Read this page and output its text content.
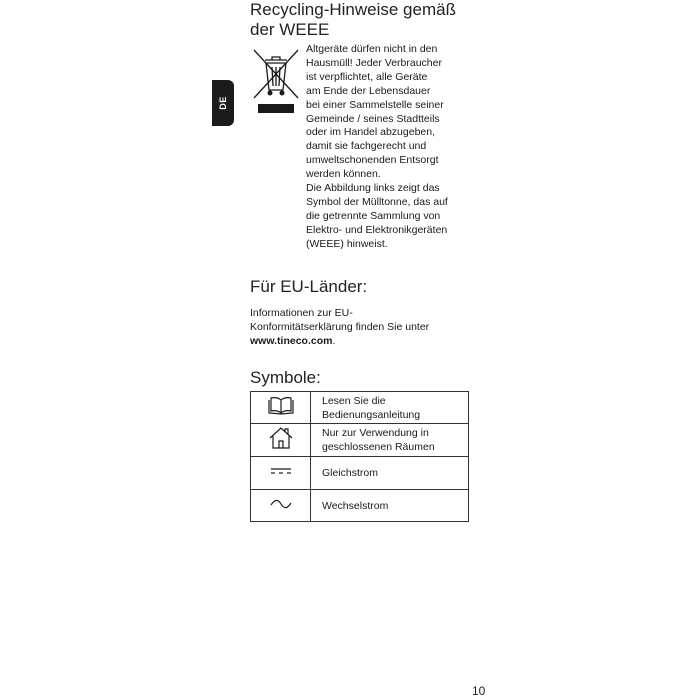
DE
Recycling-Hinweise gemäß
der WEEE

Altgeräte dürfen nicht in den
Hausmüll! Jeder Verbraucher
ist verpflichtet, alle Geräte
am Ende der Lebensdauer
bei einer Sammelstelle seiner
Gemeinde / seines Stadtteils
oder im Handel abzugeben,
damit sie fachgerecht und
umweltschonenden Entsorgt
werden können.
Die Abbildung links zeigt das
Symbol der Mülltonne, das auf
die getrennte Sammlung von
Elektro- und Elektronikgeräten
(WEEE) hinweist.

Für EU-Länder:

Informationen zur EU-
Konformitätserklärung finden Sie unter
www.tineco.com.

Symbole:

Lesen Sie die
Bedienungsanleitung

Nur zur Verwendung in
geschlossenen Räumen

Gleichstrom

Wechselstrom
10
